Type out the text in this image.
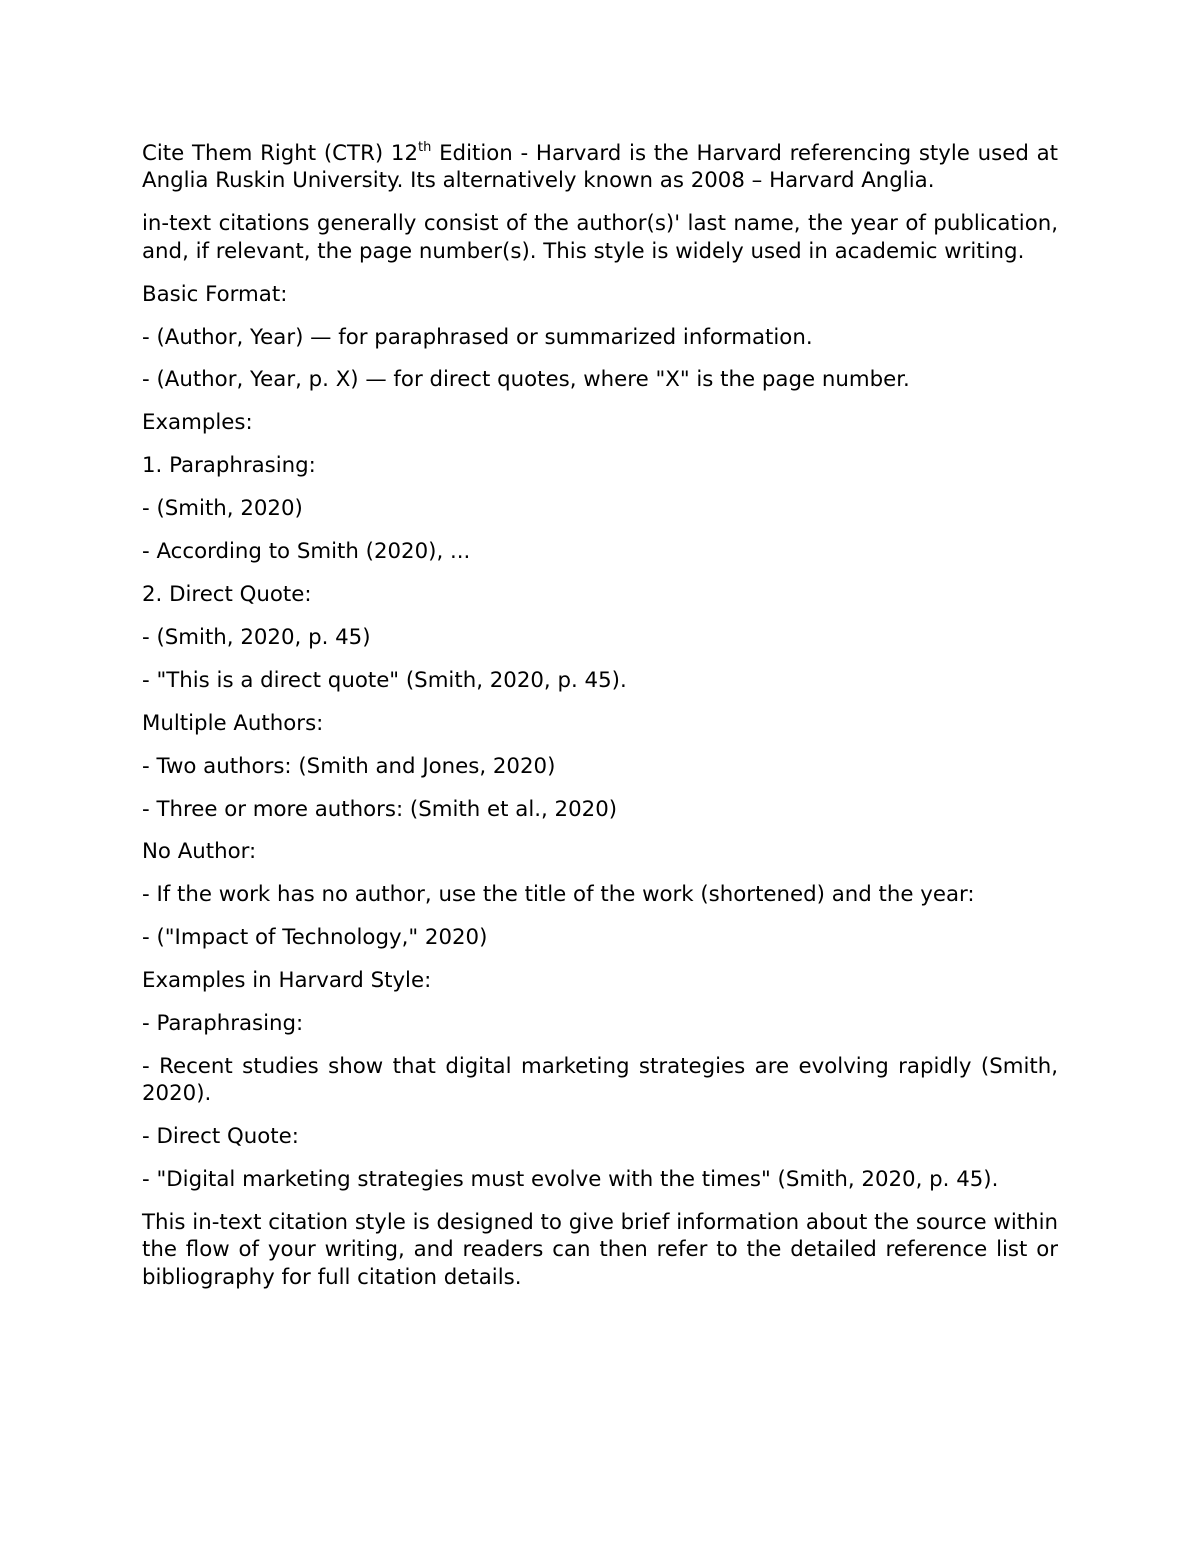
Cite Them Right (CTR) 12th Edition - Harvard is the Harvard referencing style used at Anglia Ruskin University. Its alternatively known as 2008 – Harvard Anglia.

in-text citations generally consist of the author(s)' last name, the year of publication, and, if relevant, the page number(s). This style is widely used in academic writing.

Basic Format:

- (Author, Year) — for paraphrased or summarized information.

- (Author, Year, p. X) — for direct quotes, where "X" is the page number.

Examples:

1. Paraphrasing:

- (Smith, 2020)

- According to Smith (2020), ...

2. Direct Quote:

- (Smith, 2020, p. 45)

- "This is a direct quote" (Smith, 2020, p. 45).

Multiple Authors:

- Two authors: (Smith and Jones, 2020)

- Three or more authors: (Smith et al., 2020)

No Author:

- If the work has no author, use the title of the work (shortened) and the year:

- ("Impact of Technology," 2020)

Examples in Harvard Style:

- Paraphrasing:

- Recent studies show that digital marketing strategies are evolving rapidly (Smith, 2020).

- Direct Quote:

- "Digital marketing strategies must evolve with the times" (Smith, 2020, p. 45).

This in-text citation style is designed to give brief information about the source within the flow of your writing, and readers can then refer to the detailed reference list or bibliography for full citation details.
